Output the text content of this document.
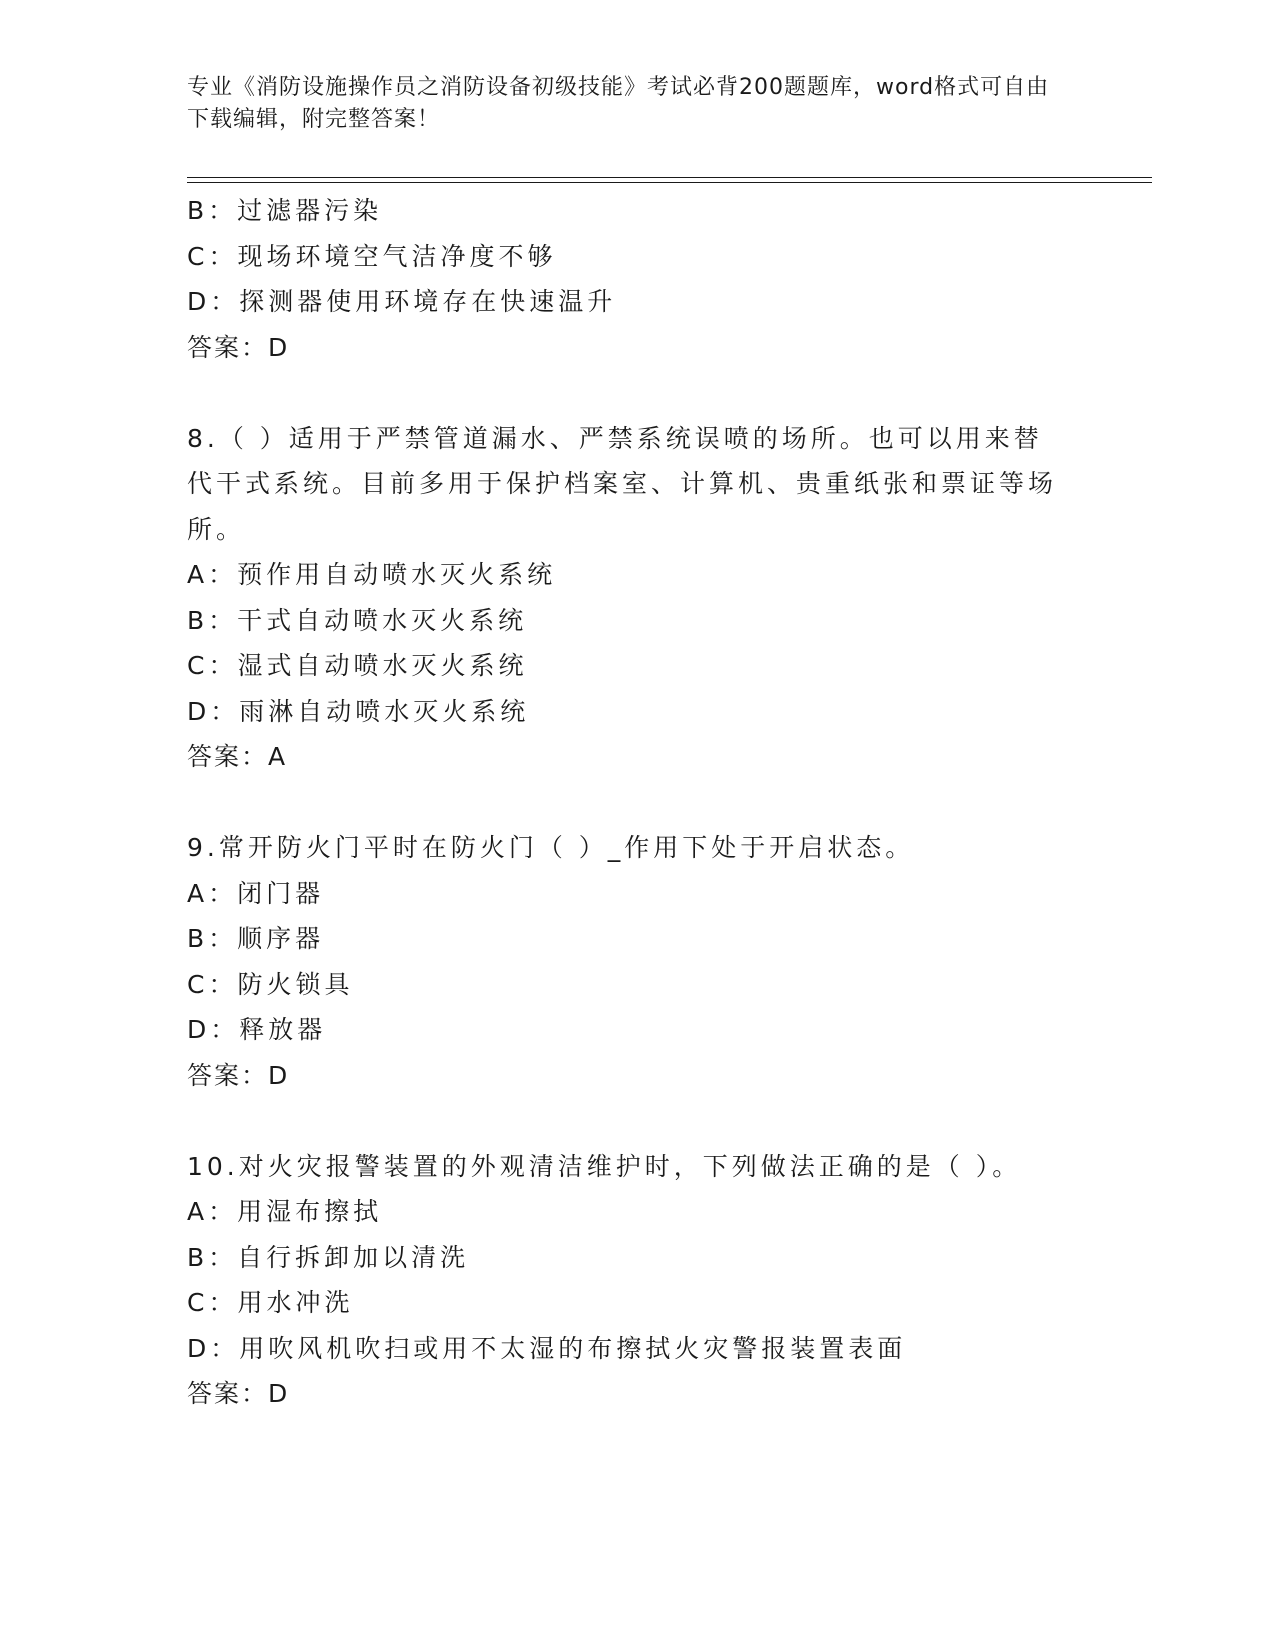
专业《消防设施操作员之消防设备初级技能》考试必背200题题库，word格式可自由下载编辑，附完整答案！
B：过滤器污染
C：现场环境空气洁净度不够
D：探测器使用环境存在快速温升
答案：D
8.（ ）适用于严禁管道漏水、严禁系统误喷的场所。也可以用来替代干式系统。目前多用于保护档案室、计算机、贵重纸张和票证等场所。
A：预作用自动喷水灭火系统
B：干式自动喷水灭火系统
C：湿式自动喷水灭火系统
D：雨淋自动喷水灭火系统
答案：A
9.常开防火门平时在防火门（ ）_作用下处于开启状态。
A：闭门器
B：顺序器
C：防火锁具
D：释放器
答案：D
10.对火灾报警装置的外观清洁维护时，下列做法正确的是（ ）。
A：用湿布擦拭
B：自行拆卸加以清洗
C：用水冲洗
D：用吹风机吹扫或用不太湿的布擦拭火灾警报装置表面
答案：D
